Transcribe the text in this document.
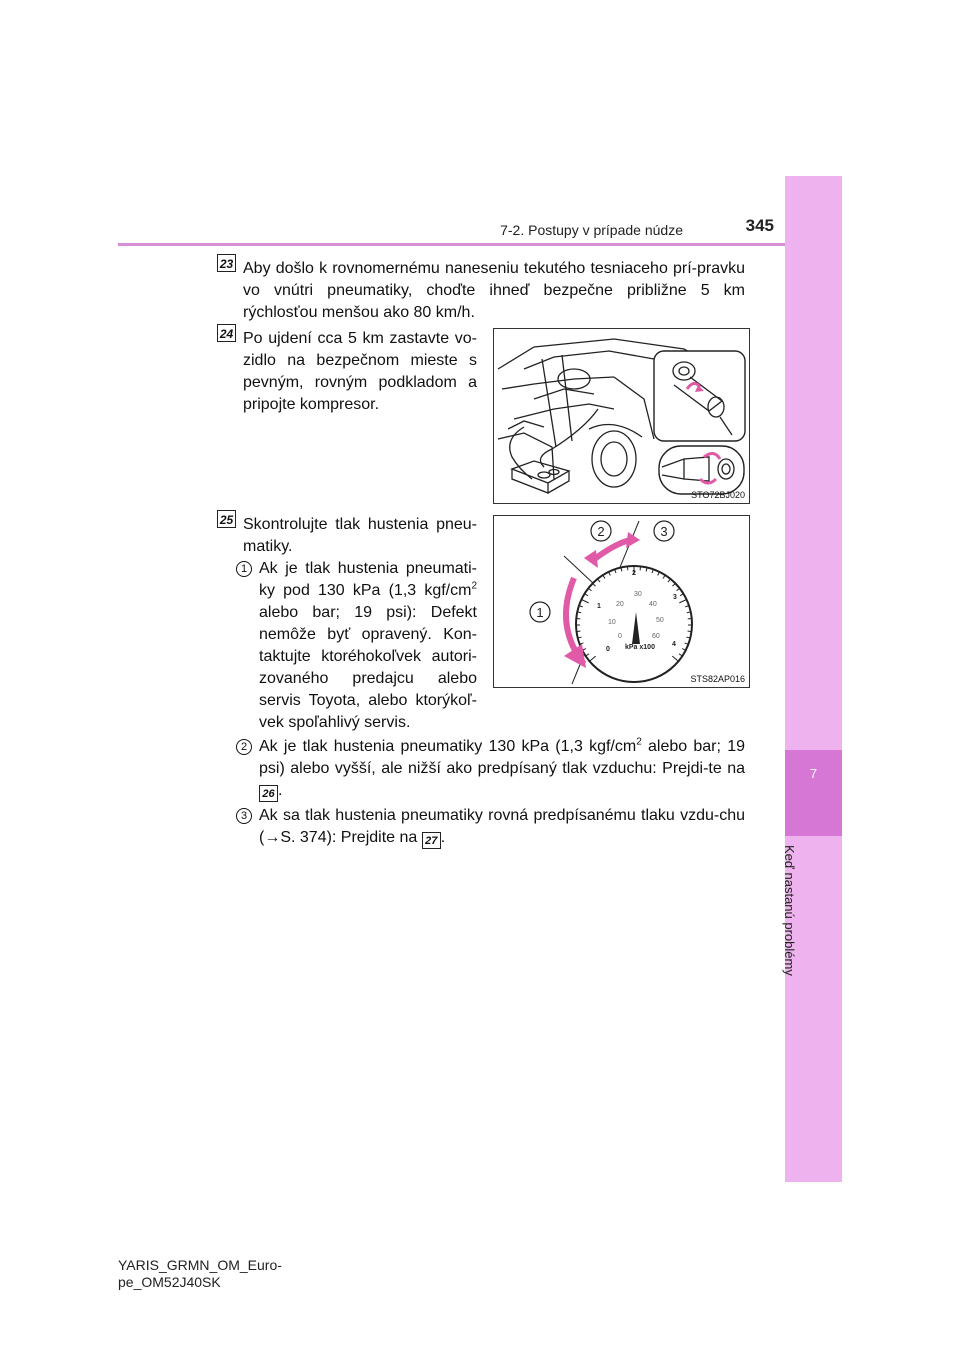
7-2. Postupy v prípade núdze	345
7
Keď nastanú problémy
23 Aby došlo k rovnomernému naneseniu tekutého tesniaceho prí-pravku vo vnútri pneumatiky, choďte ihneď bezpečne približne 5 km rýchlosťou menšou ako 80 km/h.
24 Po ujdení cca 5 km zastavte vo-zidlo na bezpečnom mieste s pevným, rovným podkladom a pripojte kompresor.
STO72BJ020
25 Skontrolujte tlak hustenia pneu-matiky.
1 Ak je tlak hustenia pneumati-ky pod 130 kPa (1,3 kgf/$cm^2$ alebo bar; 19 psi): Defekt nemôže byť opravený. Kon-taktujte ktoréhokoľvek autori-zovaného predajcu alebo servis Toyota, alebo ktorýkoľ-vek spoľahlivý servis.
kPa x100
0
1
2
3
4
0
10
20
30
40
50
60
1
2	3
STS82AP016
2 Ak je tlak hustenia pneumatiky 130 kPa (1,3 kgf/$cm^2$ alebo bar; 19 psi) alebo vyšší, ale nižší ako predpísaný tlak vzduchu: Prejdi-te na 26 .
3 Ak sa tlak hustenia pneumatiky rovná predpísanému tlaku vzdu-chu (→S. 374): Prejdite na 27 .
YARIS_GRMN_OM_Euro-
pe_OM52J40SK
